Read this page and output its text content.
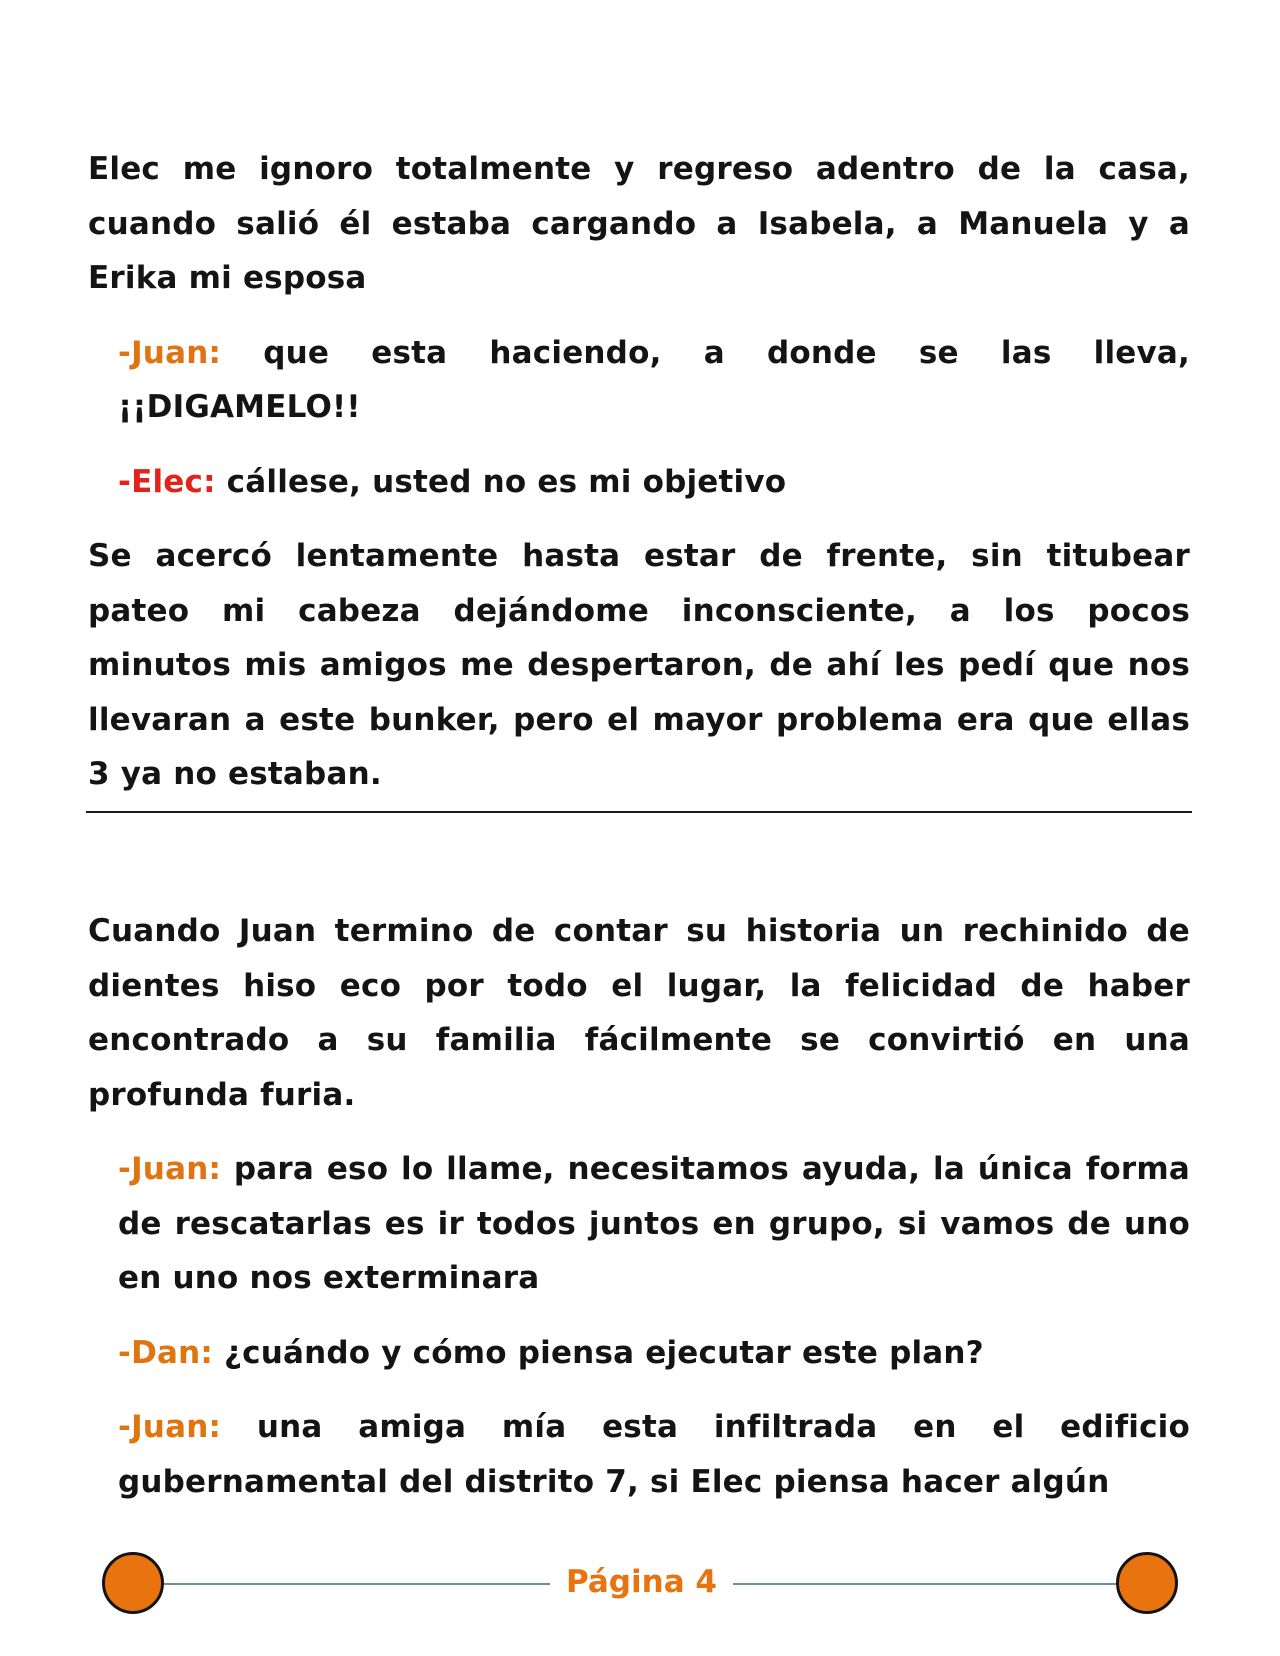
Elec me ignoro totalmente y regreso adentro de la casa, cuando salió él estaba cargando a Isabela, a Manuela y a Erika mi esposa

-Juan: que esta haciendo, a donde se las lleva, ¡¡DIGAMELO!!

-Elec: cállese, usted no es mi objetivo

Se acercó lentamente hasta estar de frente, sin titubear pateo mi cabeza dejándome inconsciente, a los pocos minutos mis amigos me despertaron, de ahí les pedí que nos llevaran a este bunker, pero el mayor problema era que ellas 3 ya no estaban.

Cuando Juan termino de contar su historia un rechinido de dientes hiso eco por todo el lugar, la felicidad de haber encontrado a su familia fácilmente se convirtió en una profunda furia.

-Juan: para eso lo llame, necesitamos ayuda, la única forma de rescatarlas es ir todos juntos en grupo, si vamos de uno en uno nos exterminara

-Dan: ¿cuándo y cómo piensa ejecutar este plan?

-Juan: una amiga mía esta infiltrada en el edificio gubernamental del distrito 7, si Elec piensa hacer algún

Página 4
